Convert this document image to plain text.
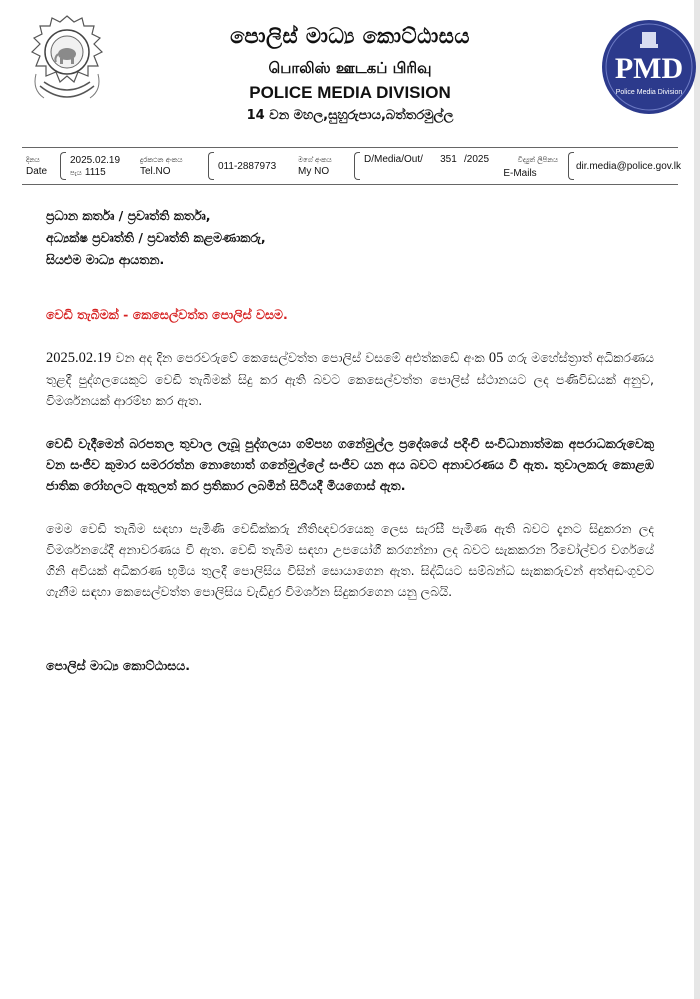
පොලිස් මාධ්‍ය කොට්ඨාසය
பொலிஸ் ஊடகப் பிரிவு
POLICE MEDIA DIVISION
14 වන මහල,සුහුරුපාය,බත්තරමුල්ල
PMD
Police Media Division
දිනය
Date
2025.02.19
පැය 1115
දුරකථන අංකය
Tel.NO	011-2887973
මගේ අංකය
My NO
D/Media/Out/ 351 /2025	විද්‍යුත් ලිපිනය
E-Mails
dir.media@police.gov.lk
ප්‍රධාන කර්තෘ / ප්‍රවෘත්ති කර්තෘ,
අධ්‍යක්ෂ ප්‍රවෘත්ති / ප්‍රවෘත්ති කළමණාකරු,
සියළුම මාධ්‍ය ආයතන.
වෙඩි තැබීමක් - කෙසෙල්වත්ත පොලිස් වසම.

2025.02.19 වන අද දින පෙරවරුවේ කෙසෙල්වත්ත පොලිස් වසමේ අළුත්කඩේ අංක 05 ගරු මහේස්ත්‍රාත් අධිකරණය තුළදී පුද්ගලයෙකුට වෙඩි තැබීමක් සිදු කර ඇති බවට කෙසෙල්වත්ත පොලිස් ස්ථානයට ලද පණිවිඩයක් අනුව, විමර්ශනයක් ආරම්භ කර ඇත.

වෙඩි වැදීමෙන් බරපතල තුවාල ලැබූ පුද්ගලයා ගම්පහ ගනේමුල්ල ප්‍රදේශයේ පදිංචි සංවිධානාත්මක අපරාධකරුවෙකු වන සංජීව කුමාර සමරරත්න නොහොත් ගනේමුල්ලේ සංජීව යන අය බවට අනාවරණය වී ඇත. තුවාලකරු කොළඹ ජාතික රෝහලට ඇතුලත් කර ප්‍රතිකාර ලබමින් සිටියදී මියගොස් ඇත.

මෙම වෙඩි තැබීම සඳහා පැමිණි වෙඩික්කරු නීතිඥවරයෙකු ලෙස සැරසී පැමිණ ඇති බවට දැනට සිදුකරන ලද විමර්ශනයේදී අනාවරණය වී ඇත. වෙඩි තැබීම සඳහා උපයෝගී කරගන්නා ලද බවට සැකකරන රිවෝල්වර වර්ගයේ ගිනි අවියක් අධිකරණ භූමිය තුලදී පොලිසිය විසින් සොයාගෙන ඇත. සිද්ධියට සම්බන්ධ සැකකරුවන් අත්අඩංගුවට ගැනීම සඳහා කෙසෙල්වත්ත පොලිසිය වැඩිදුර විමර්ශන සිදුකරගෙන යනු ලබයි.

පොලිස් මාධ්‍ය කොට්ඨාසය.
